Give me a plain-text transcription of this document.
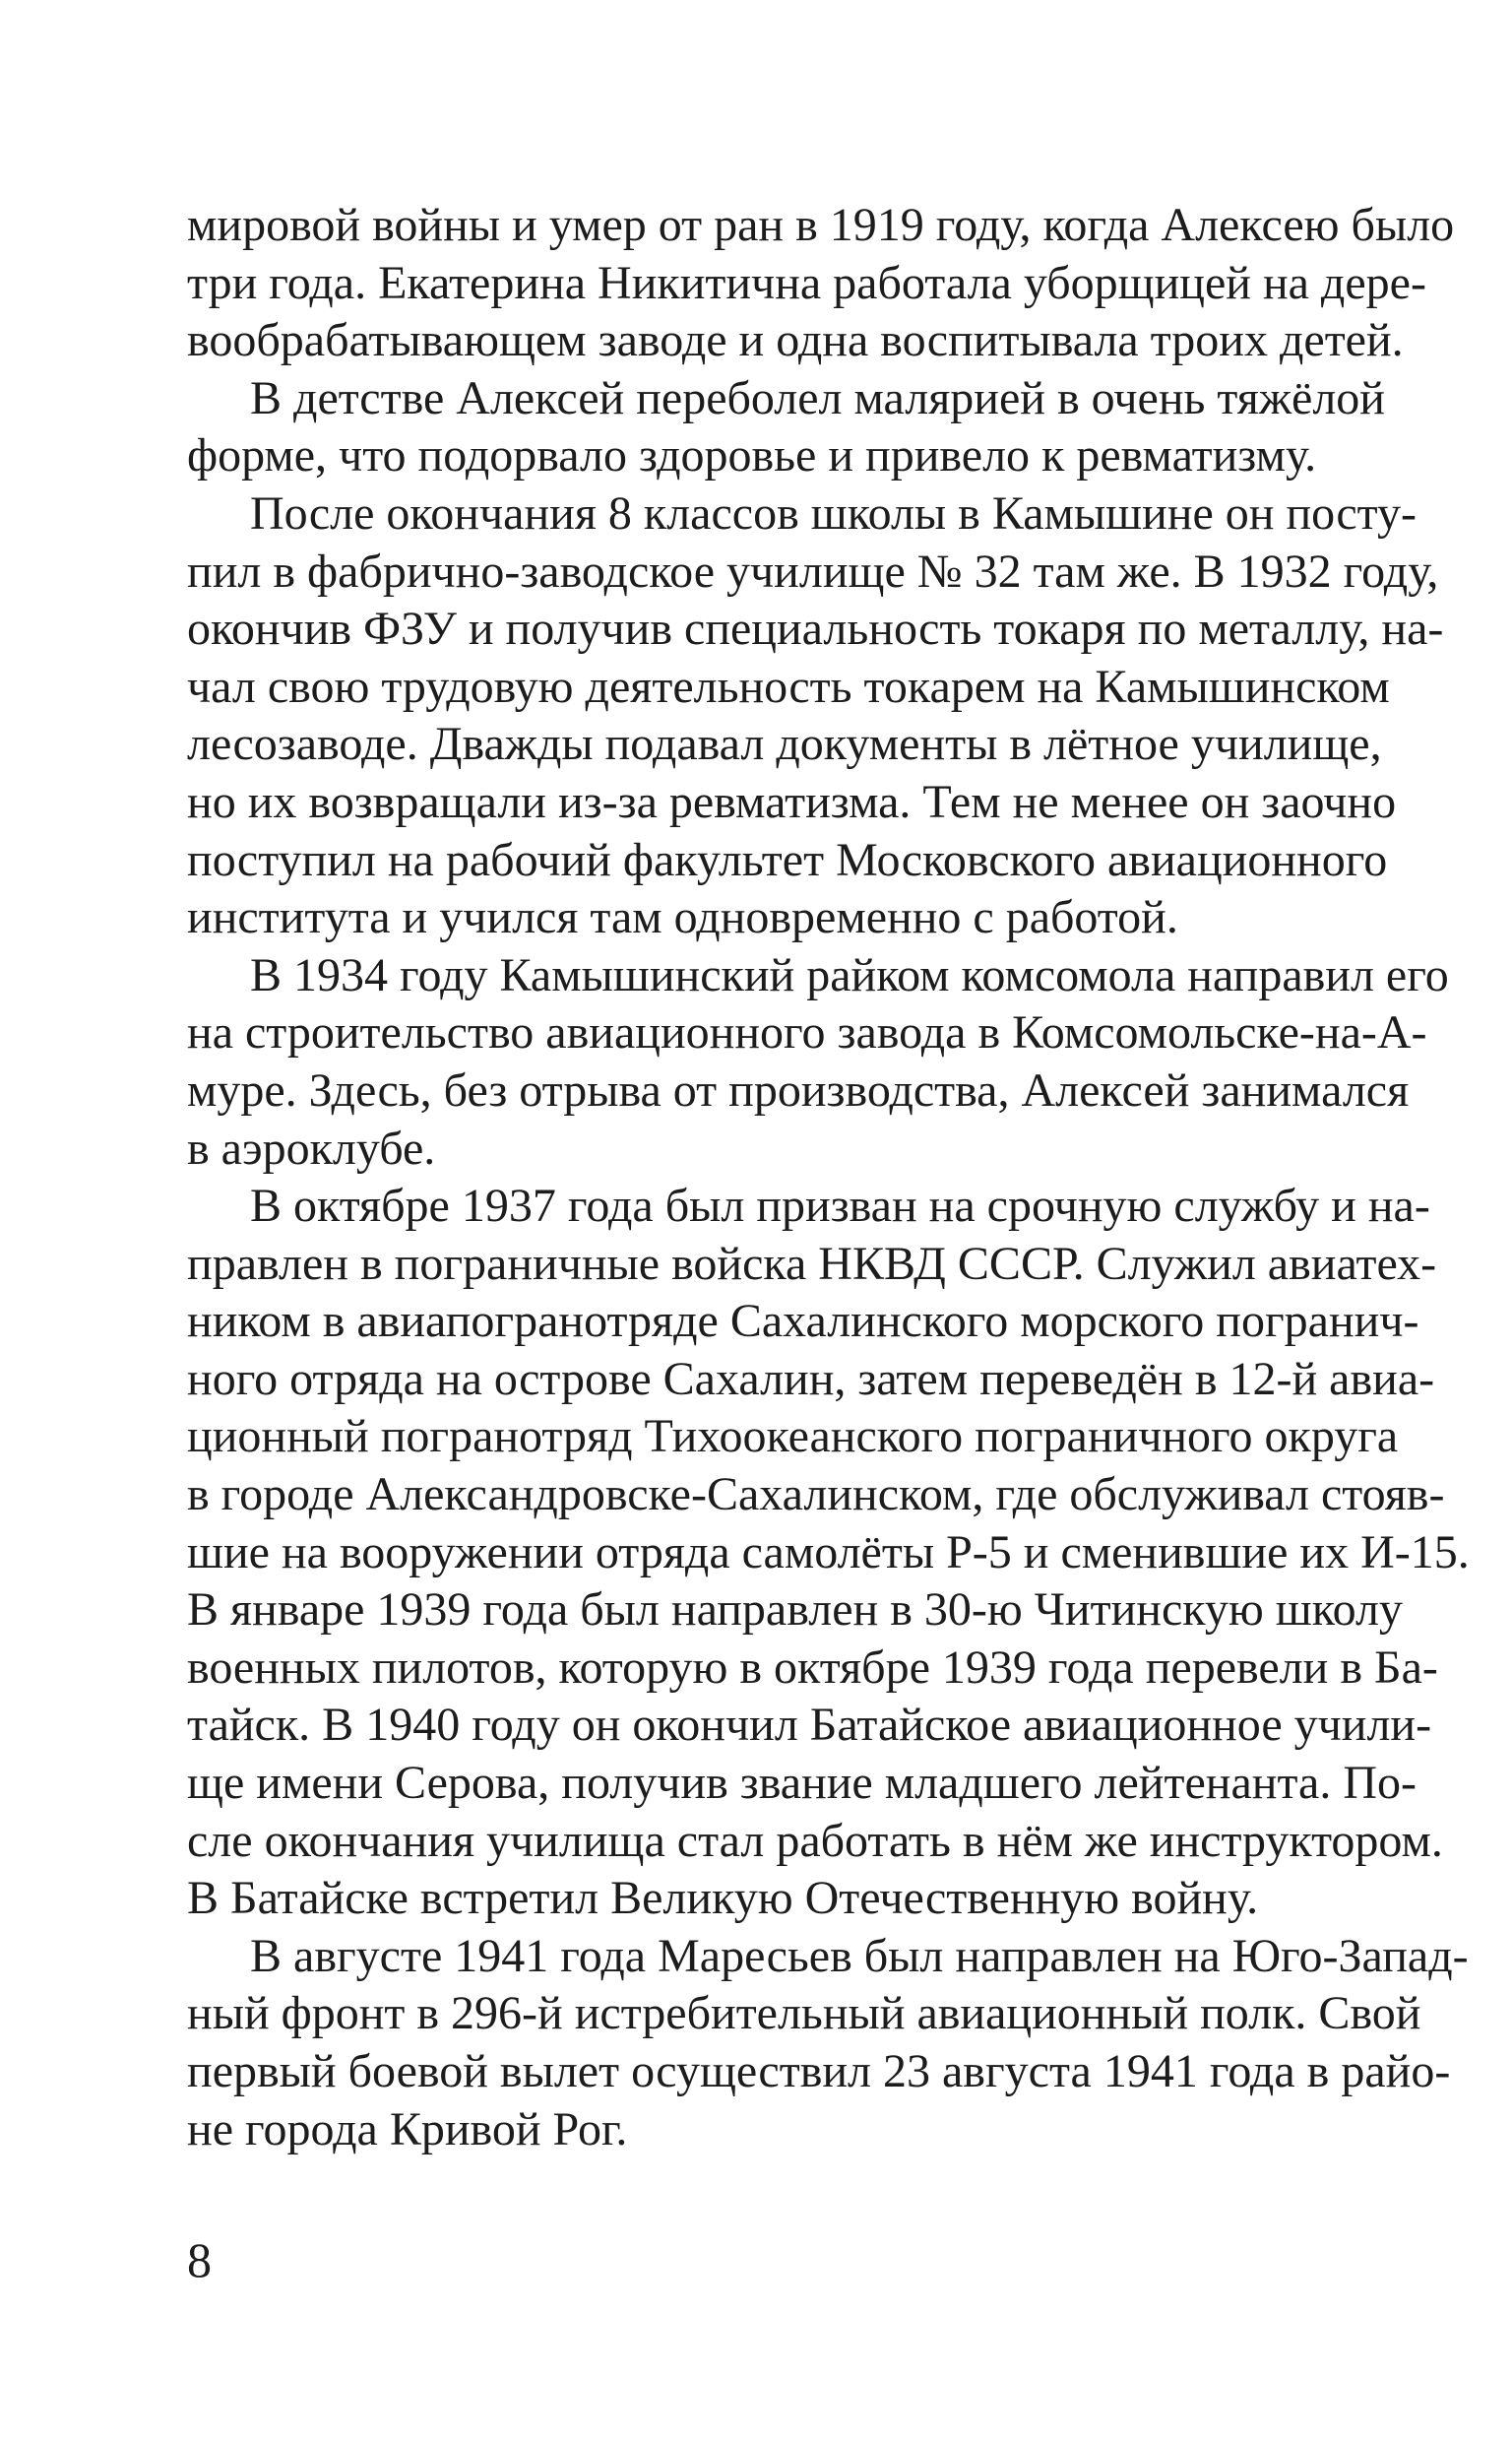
мировой войны и умер от ран в 1919 году, когда Алексею было
три года. Екатерина Никитична работала уборщицей на дере-
вообрабатывающем заводе и одна воспитывала троих детей.
В детстве Алексей переболел малярией в очень тяжёлой
форме, что подорвало здоровье и привело к ревматизму.
После окончания 8 классов школы в Камышине он посту-
пил в фабрично-заводское училище № 32 там же. В 1932 году,
окончив ФЗУ и получив специальность токаря по металлу, на-
чал свою трудовую деятельность токарем на Камышинском
лесозаводе. Дважды подавал документы в лётное училище,
но их возвращали из-за ревматизма. Тем не менее он заочно
поступил на рабочий факультет Московского авиационного
института и учился там одновременно с работой.
В 1934 году Камышинский райком комсомола направил его
на строительство авиационного завода в Комсомольске-на-А-
муре. Здесь, без отрыва от производства, Алексей занимался
в аэроклубе.
В октябре 1937 года был призван на срочную службу и на-
правлен в пограничные войска НКВД СССР. Служил авиатех-
ником в авиапогранотряде Сахалинского морского погранич-
ного отряда на острове Сахалин, затем переведён в 12-й авиа-
ционный погранотряд Тихоокеанского пограничного округа
в городе Александровске-Сахалинском, где обслуживал стояв-
шие на вооружении отряда самолёты Р-5 и сменившие их И-15.
В январе 1939 года был направлен в 30-ю Читинскую школу
военных пилотов, которую в октябре 1939 года перевели в Ба-
тайск. В 1940 году он окончил Батайское авиационное учили-
ще имени Серова, получив звание младшего лейтенанта. По-
сле окончания училища стал работать в нём же инструктором.
В Батайске встретил Великую Отечественную войну.
В августе 1941 года Маресьев был направлен на Юго-Запад-
ный фронт в 296-й истребительный авиационный полк. Свой
первый боевой вылет осуществил 23 августа 1941 года в райо-
не города Кривой Рог.
8
